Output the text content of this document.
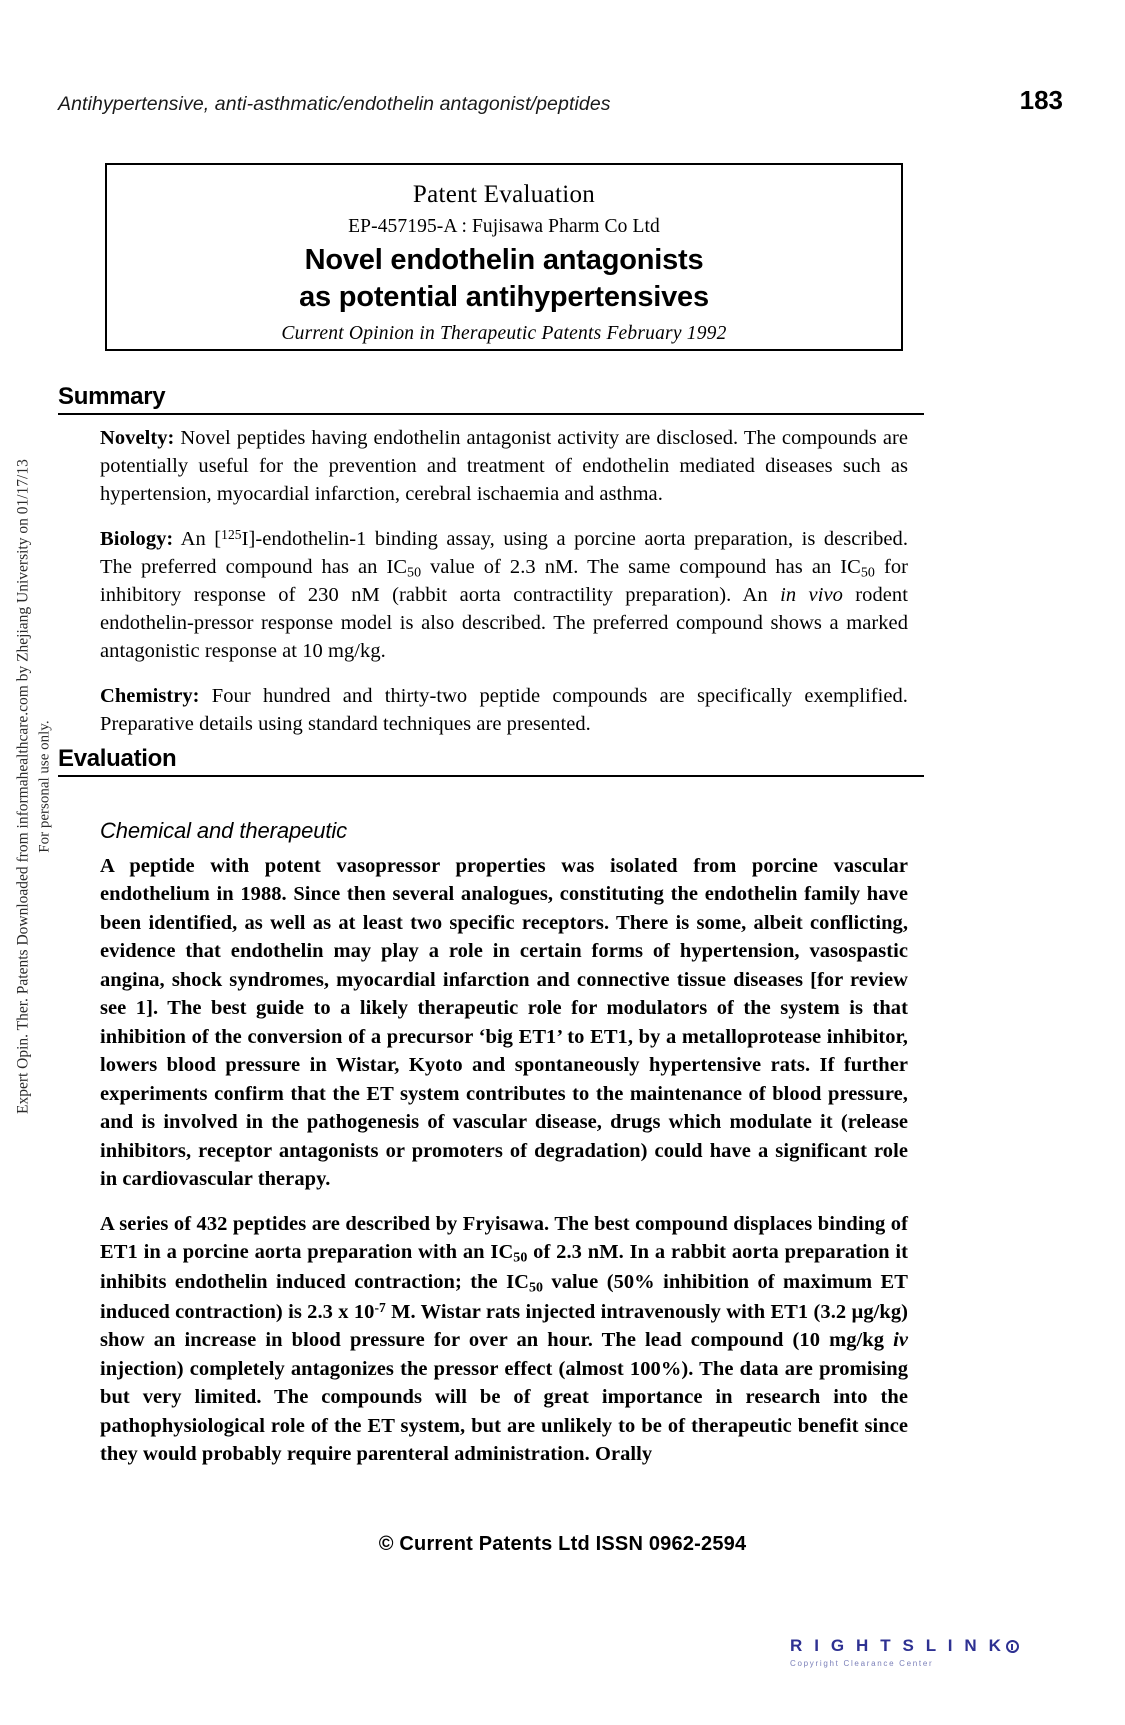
Antihypertensive, anti-asthmatic/endothelin antagonist/peptides	183
Patent Evaluation
EP-457195-A : Fujisawa Pharm Co Ltd
Novel endothelin antagonists
as potential antihypertensives
Current Opinion in Therapeutic Patents February 1992
Summary

Novelty: Novel peptides having endothelin antagonist activity are disclosed. The compounds are potentially useful for the prevention and treatment of endothelin mediated diseases such as hypertension, myocardial infarction, cerebral ischaemia and asthma.

Biology: An [$^{125}$I]-endothelin-1 binding assay, using a porcine aorta preparation, is described. The preferred compound has an $IC_{50}$ value of 2.3 nM. The same compound has an $IC_{50}$ for inhibitory response of 230 nM (rabbit aorta contractility preparation). An in vivo rodent endothelin-pressor response model is also described. The preferred compound shows a marked antagonistic response at 10 mg/kg.

Chemistry: Four hundred and thirty-two peptide compounds are specifically exemplified. Preparative details using standard techniques are presented.

Evaluation
Chemical and therapeutic

A peptide with potent vasopressor properties was isolated from porcine vascular endothelium in 1988. Since then several analogues, constituting the endothelin family have been identified, as well as at least two specific receptors. There is some, albeit conflicting, evidence that endothelin may play a role in certain forms of hypertension, vasospastic angina, shock syndromes, myocardial infarction and connective tissue diseases [for review see 1]. The best guide to a likely therapeutic role for modulators of the system is that inhibition of the conversion of a precursor ‘big ET1’ to ET1, by a metalloprotease inhibitor, lowers blood pressure in Wistar, Kyoto and spontaneously hypertensive rats. If further experiments confirm that the ET system contributes to the maintenance of blood pressure, and is involved in the pathogenesis of vascular disease, drugs which modulate it (release inhibitors, receptor antagonists or promoters of degradation) could have a significant role in cardiovascular therapy.

A series of 432 peptides are described by Fryisawa. The best compound displaces binding of ET1 in a porcine aorta preparation with an $IC_{50}$ of 2.3 nM. In a rabbit aorta preparation it inhibits endothelin induced contraction; the $IC_{50}$ value (50% inhibition of maximum ET induced contraction) is 2.3 x $10^{-7}$ M. Wistar rats injected intravenously with ET1 (3.2 µg/kg) show an increase in blood pressure for over an hour. The lead compound (10 mg/kg iv injection) completely antagonizes the pressor effect (almost 100%). The data are promising but very limited. The compounds will be of great importance in research into the pathophysiological role of the ET system, but are unlikely to be of therapeutic benefit since they would probably require parenteral administration. Orally

© Current Patents Ltd ISSN 0962-2594
Expert Opin. Ther. Patents Downloaded from informahealthcare.com by Zhejiang University on 01/17/13 For personal use only.
R I G H T S L I N K
Copyright Clearance Center
